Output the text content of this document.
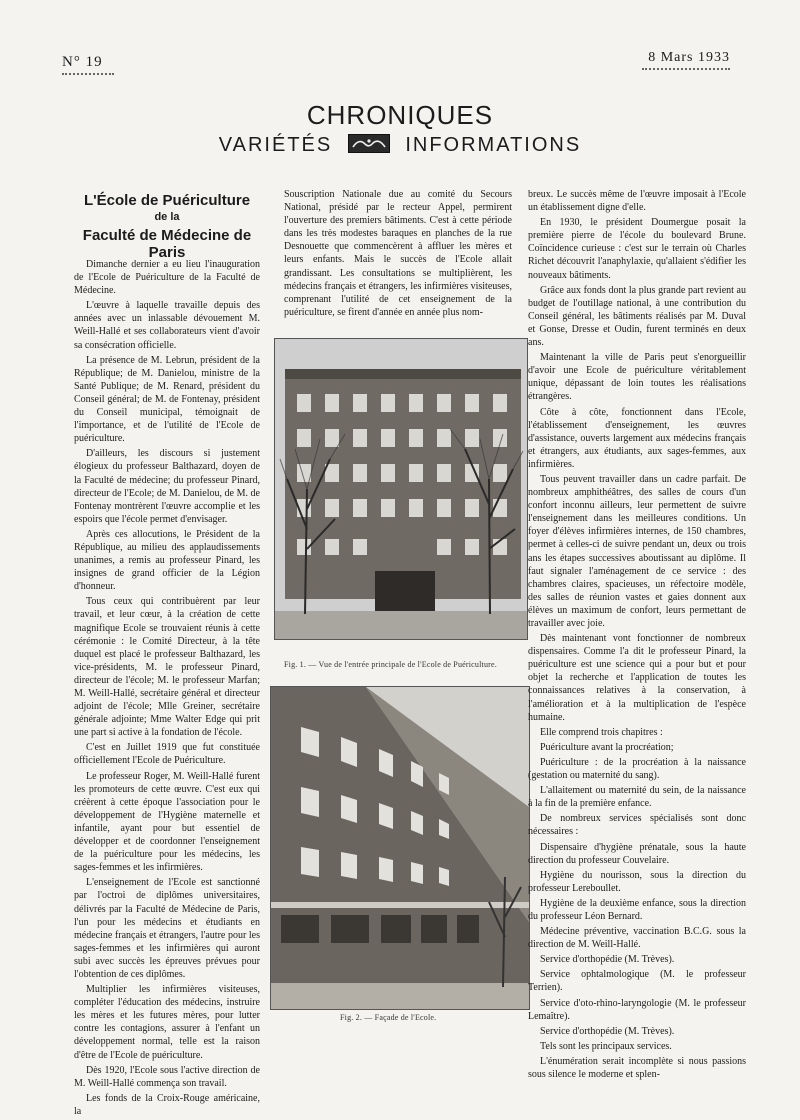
N° 19	8 Mars 1933
CHRONIQUES
VARIÉTÉS	INFORMATIONS
L'École de Puériculture
de la
Faculté de Médecine de Paris

Dimanche dernier a eu lieu l'inauguration de l'Ecole de Puériculture de la Faculté de Médecine.

L'œuvre à laquelle travaille depuis des années avec un inlassable dévouement M. Weill-Hallé et ses collaborateurs vient d'avoir sa consécration officielle.

La présence de M. Lebrun, président de la République; de M. Danielou, ministre de la Santé Publique; de M. Renard, président du Conseil général; de M. de Fontenay, président du Conseil municipal, témoignait de l'importance, et de l'utilité de l'Ecole de puériculture.

D'ailleurs, les discours si justement élogieux du professeur Balthazard, doyen de la Faculté de médecine; du professeur Pinard, directeur de l'Ecole; de M. Danielou, de M. de Fontenay montrèrent l'œuvre accomplie et les espoirs que l'école permet d'envisager.

Après ces allocutions, le Président de la République, au milieu des applaudissements unanimes, a remis au professeur Pinard, les insignes de grand officier de la Légion d'honneur.

Tous ceux qui contribuèrent par leur travail, et leur cœur, à la création de cette magnifique Ecole se trouvaient réunis à cette cérémonie : le Comité Directeur, à la tête duquel est placé le professeur Balthazard, les vice-présidents, M. le professeur Pinard, directeur de l'école; M. le professeur Marfan; M. Weill-Hallé, secrétaire général et directeur adjoint de l'école; Mlle Greiner, secrétaire générale adjointe; Mme Walter Edge qui prit une part si active à la fondation de l'école.

C'est en Juillet 1919 que fut constituée officiellement l'Ecole de Puériculture.

Le professeur Roger, M. Weill-Hallé furent les promoteurs de cette œuvre. C'est eux qui créèrent à cette époque l'association pour le développement de l'Hygiène maternelle et infantile, ayant pour but essentiel de développer et de coordonner l'enseignement de la puériculture pour les médecins, les sages-femmes et les infirmières.

L'enseignement de l'Ecole est sanctionné par l'octroi de diplômes universitaires, délivrés par la Faculté de Médecine de Paris, l'un pour les médecins et étudiants en médecine français et étrangers, l'autre pour les sages-femmes et les infirmières qui auront subi avec succès les épreuves prévues pour l'obtention de ces diplômes.

Multiplier les infirmières visiteuses, compléter l'éducation des médecins, instruire les mères et les futures mères, pour lutter contre les contagions, assurer à l'enfant un développement normal, telle est la raison d'être de l'Ecole de puériculture.

Dès 1920, l'Ecole sous l'active direction de M. Weill-Hallé commença son travail.

Les fonds de la Croix-Rouge américaine, la

Souscription Nationale due au comité du Secours National, présidé par le recteur Appel, permirent l'ouverture des premiers bâtiments. C'est à cette période dans les très modestes baraques en planches de la rue Desnouette que commencèrent à affluer les mères et leurs enfants. Mais le succès de l'Ecole allait grandissant. Les consultations se multiplièrent, les médecins français et étrangers, les infirmières visiteuses, comprenant l'utilité de cet enseignement de la puériculture, se firent d'année en année plus nom-

Fig. 1. — Vue de l'entrée principale de l'Ecole de Puériculture.
Fig. 2. — Façade de l'Ecole.

breux. Le succès même de l'œuvre imposait à l'Ecole un établissement digne d'elle.

En 1930, le président Doumergue posait la première pierre de l'école du boulevard Brune. Coïncidence curieuse : c'est sur le terrain où Charles Richet découvrit l'anaphylaxie, qu'allaient s'édifier les nouveaux bâtiments.

Grâce aux fonds dont la plus grande part revient au budget de l'outillage national, à une contribution du Conseil général, les bâtiments réalisés par M. Duval et Gonse, Dresse et Oudin, furent terminés en deux ans.

Maintenant la ville de Paris peut s'enorgueillir d'avoir une Ecole de puériculture véritablement unique, dépassant de loin toutes les réalisations étrangères.

Côte à côte, fonctionnent dans l'Ecole, l'établissement d'enseignement, les œuvres d'assistance, ouverts largement aux médecins français et étrangers, aux étudiants, aux sages-femmes, aux infirmières.

Tous peuvent travailler dans un cadre parfait. De nombreux amphithéâtres, des salles de cours d'un confort inconnu ailleurs, leur permettent de suivre l'enseignement dans les meilleures conditions. Un foyer d'élèves infirmières internes, de 150 chambres, permet à celles-ci de suivre pendant un, deux ou trois ans les étapes successives aboutissant au diplôme. Il faut signaler l'aménagement de ce service : des chambres claires, spacieuses, un réfectoire modèle, des salles de réunion vastes et gaies donnent aux élèves un maximum de confort, leurs permettant de travailler avec joie.

Dès maintenant vont fonctionner de nombreux dispensaires. Comme l'a dit le professeur Pinard, la puériculture est une science qui a pour but et pour objet la recherche et l'application de toutes les connaissances relatives à la conservation, à l'amélioration et à la multiplication de l'espèce humaine.

Elle comprend trois chapitres :

Puériculture avant la procréation;

Puériculture : de la procréation à la naissance (gestation ou maternité du sang).

L'allaitement ou maternité du sein, de la naissance à la fin de la première enfance.

De nombreux services spécialisés sont donc nécessaires :

Dispensaire d'hygiène prénatale, sous la haute direction du professeur Couvelaire.

Hygiène du nourisson, sous la direction du professeur Lereboullet.

Hygiène de la deuxième enfance, sous la direction du professeur Léon Bernard.

Médecine préventive, vaccination B.C.G. sous la direction de M. Weill-Hallé.

Service d'orthopédie (M. Trèves).

Service ophtalmologique (M. le professeur Terrien).

Service d'oto-rhino-laryngologie (M. le professeur Lemaître).

Service d'orthopédie (M. Trèves).

Tels sont les principaux services.

L'énumération serait incomplète si nous passions sous silence le moderne et splen-
